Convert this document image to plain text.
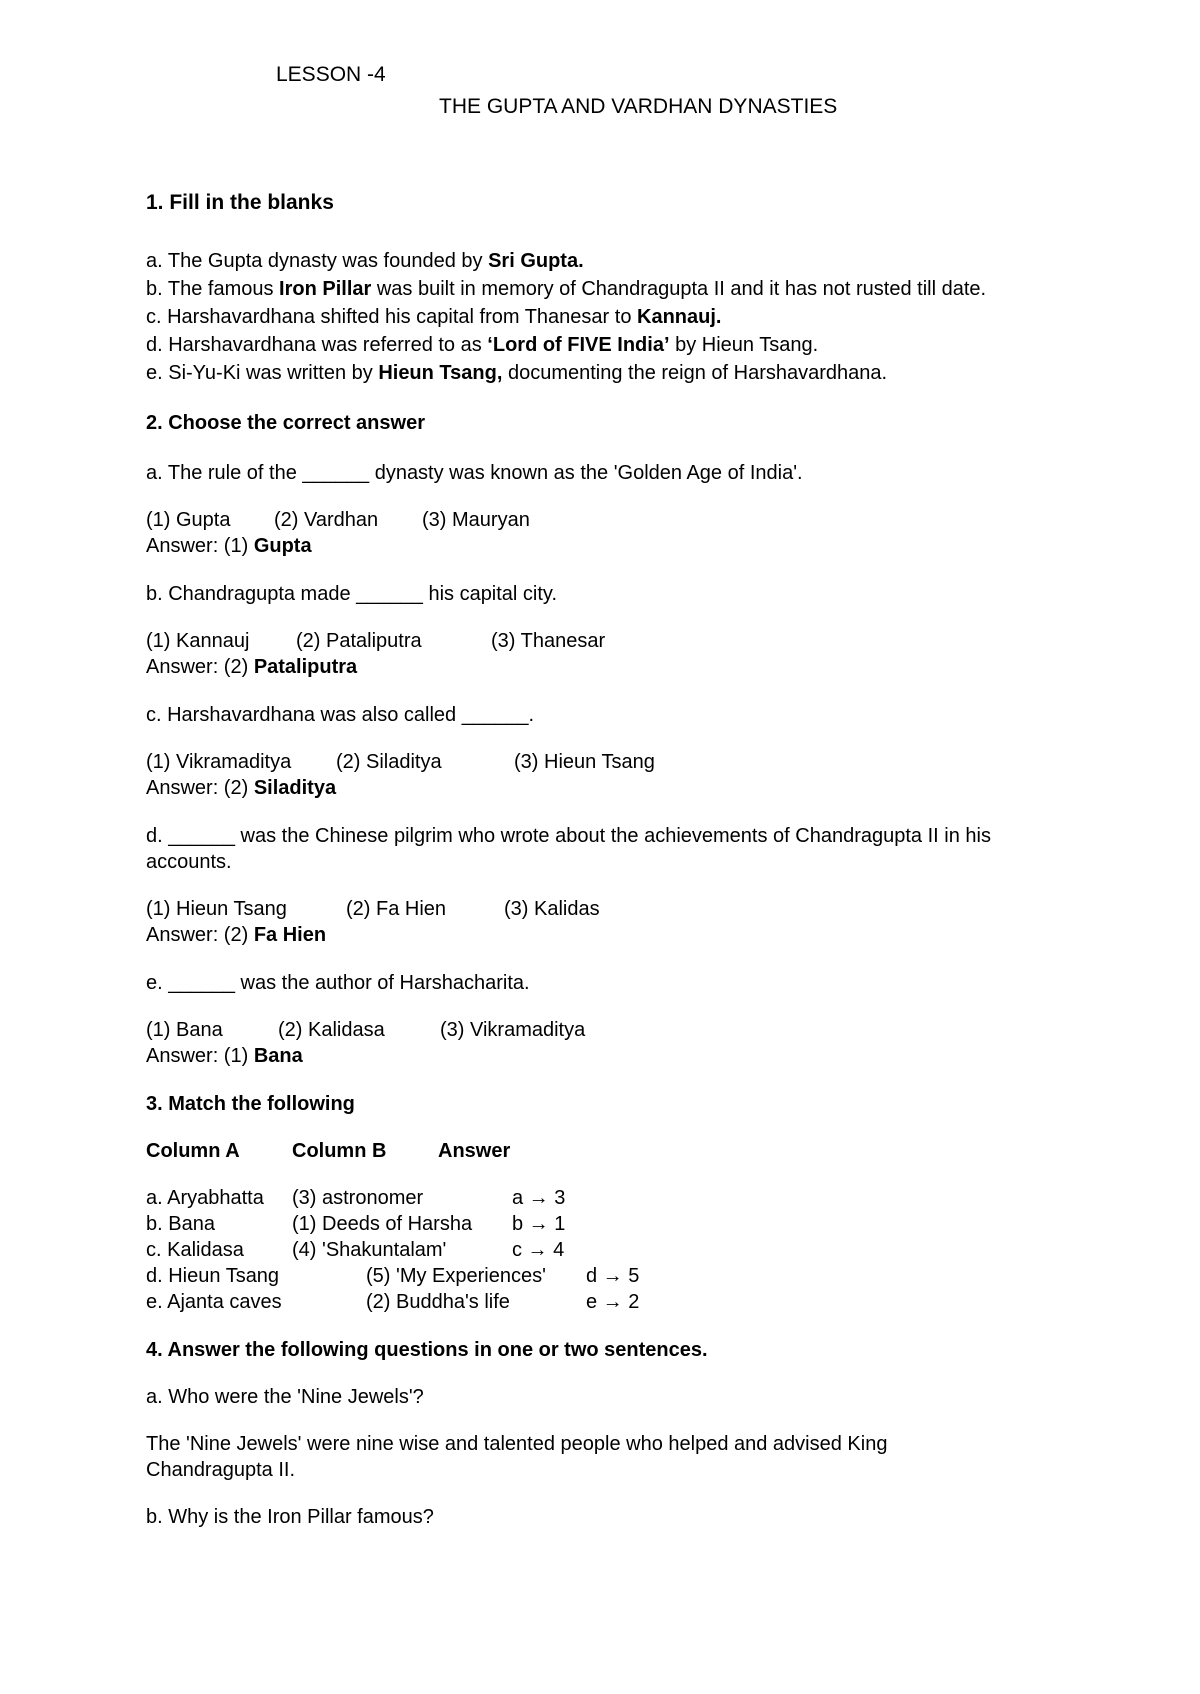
LESSON -4
THE GUPTA AND VARDHAN DYNASTIES

1. Fill in the blanks

a. The Gupta dynasty was founded by Sri Gupta.

b. The famous Iron Pillar was built in memory of Chandragupta II and it has not rusted till date.

c. Harshavardhana shifted his capital from Thanesar to Kannauj.

d. Harshavardhana was referred to as ‘Lord of FIVE India’ by Hieun Tsang.

e. Si-Yu-Ki was written by Hieun Tsang, documenting the reign of Harshavardhana.

2. Choose the correct answer

a. The rule of the ______ dynasty was known as the 'Golden Age of India'.

(1) Gupta (2) Vardhan (3) Mauryan

Answer: (1) Gupta

b. Chandragupta made ______ his capital city.

(1) Kannauj (2) Pataliputra	(3) Thanesar

Answer: (2) Pataliputra

c. Harshavardhana was also called ______.

(1) Vikramaditya (2) Siladitya	(3) Hieun Tsang

Answer: (2) Siladitya

d. ______ was the Chinese pilgrim who wrote about the achievements of Chandragupta II in his accounts.

(1) Hieun Tsang	(2) Fa Hien	(3) Kalidas

Answer: (2) Fa Hien

e. ______ was the author of Harshacharita.

(1) Bana	(2) Kalidasa	(3) Vikramaditya

Answer: (1) Bana

3. Match the following

Column A	Column B	Answer
a. Aryabhatta (3) astronomer	a → 3
b. Bana	(1) Deeds of Harsha b → 1
c. Kalidasa (4) 'Shakuntalam'	c → 4
d. Hieun Tsang	(5) 'My Experiences' d → 5
e. Ajanta caves	(2) Buddha's life	e → 2

4. Answer the following questions in one or two sentences.

a. Who were the 'Nine Jewels'?

The 'Nine Jewels' were nine wise and talented people who helped and advised King Chandragupta II.

b. Why is the Iron Pillar famous?
